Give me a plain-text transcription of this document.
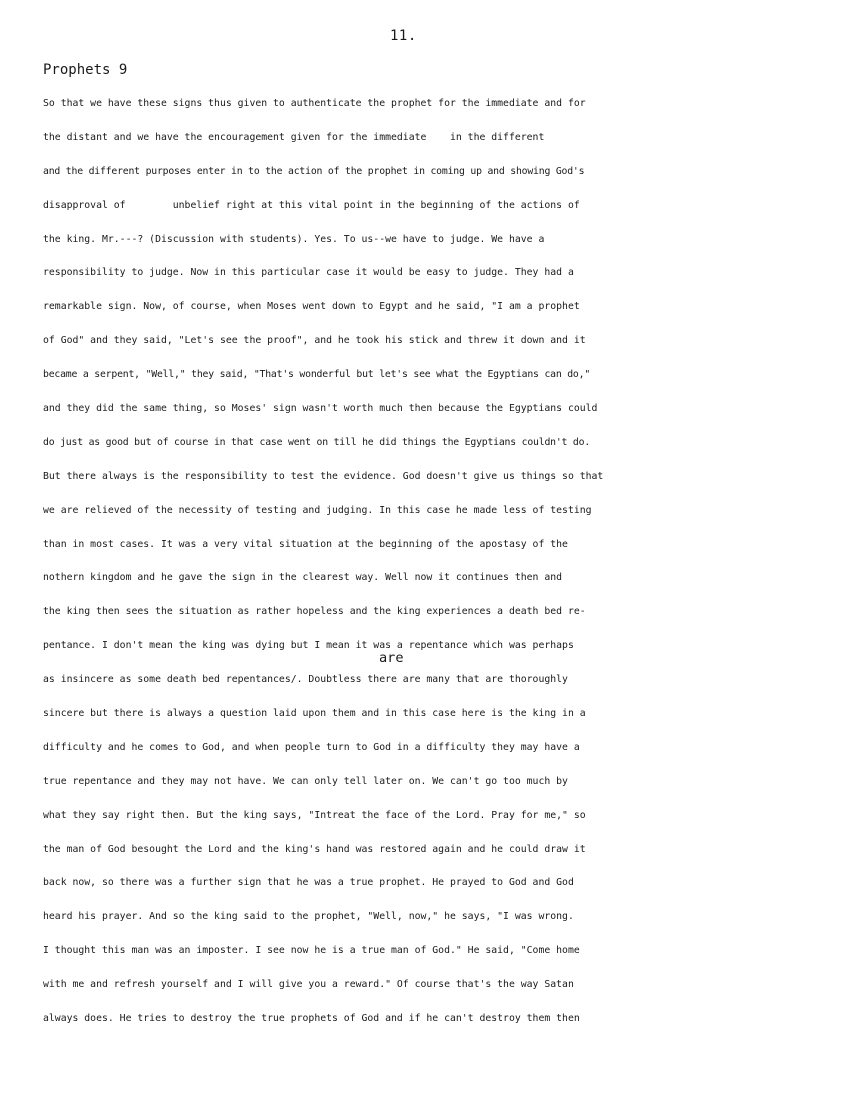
11.
Prophets 9
So that we have these signs thus given to authenticate the prophet for the immediate and for
the distant and we have the encouragement given for the immediate    in the different
and the different purposes enter in to the action of the prophet in coming up and showing God's
disapproval of        unbelief right at this vital point in the beginning of the actions of
the king. Mr.---? (Discussion with students). Yes. To us--we have to judge. We have a
responsibility to judge. Now in this particular case it would be easy to judge. They had a
remarkable sign. Now, of course, when Moses went down to Egypt and he said, "I am a prophet
of God" and they said, "Let's see the proof", and he took his stick and threw it down and it
became a serpent, "Well," they said, "That's wonderful but let's see what the Egyptians can do,"
and they did the same thing, so Moses' sign wasn't worth much then because the Egyptians could
do just as good but of course in that case went on till he did things the Egyptians couldn't do.
But there always is the responsibility to test the evidence. God doesn't give us things so that
we are relieved of the necessity of testing and judging. In this case he made less of testing
than in most cases. It was a very vital situation at the beginning of the apostasy of the
nothern kingdom and he gave the sign in the clearest way. Well now it continues then and
the king then sees the situation as rather hopeless and the king experiences a death bed re-
pentance. I don't mean the king was dying but I mean it was a repentance which was perhaps
as insincere as some death bed repentances/. Doubtless there are many that are thoroughly
sincere but there is always a question laid upon them and in this case here is the king in a
difficulty and he comes to God, and when people turn to God in a difficulty they may have a
true repentance and they may not have. We can only tell later on. We can't go too much by
what they say right then. But the king says, "Intreat the face of the Lord. Pray for me," so
the man of God besought the Lord and the king's hand was restored again and he could draw it
back now, so there was a further sign that he was a true prophet. He prayed to God and God
heard his prayer. And so the king said to the prophet, "Well, now," he says, "I was wrong.
I thought this man was an imposter. I see now he is a true man of God." He said, "Come home
with me and refresh yourself and I will give you a reward." Of course that's the way Satan
always does. He tries to destroy the true prophets of God and if he can't destroy them then
are
